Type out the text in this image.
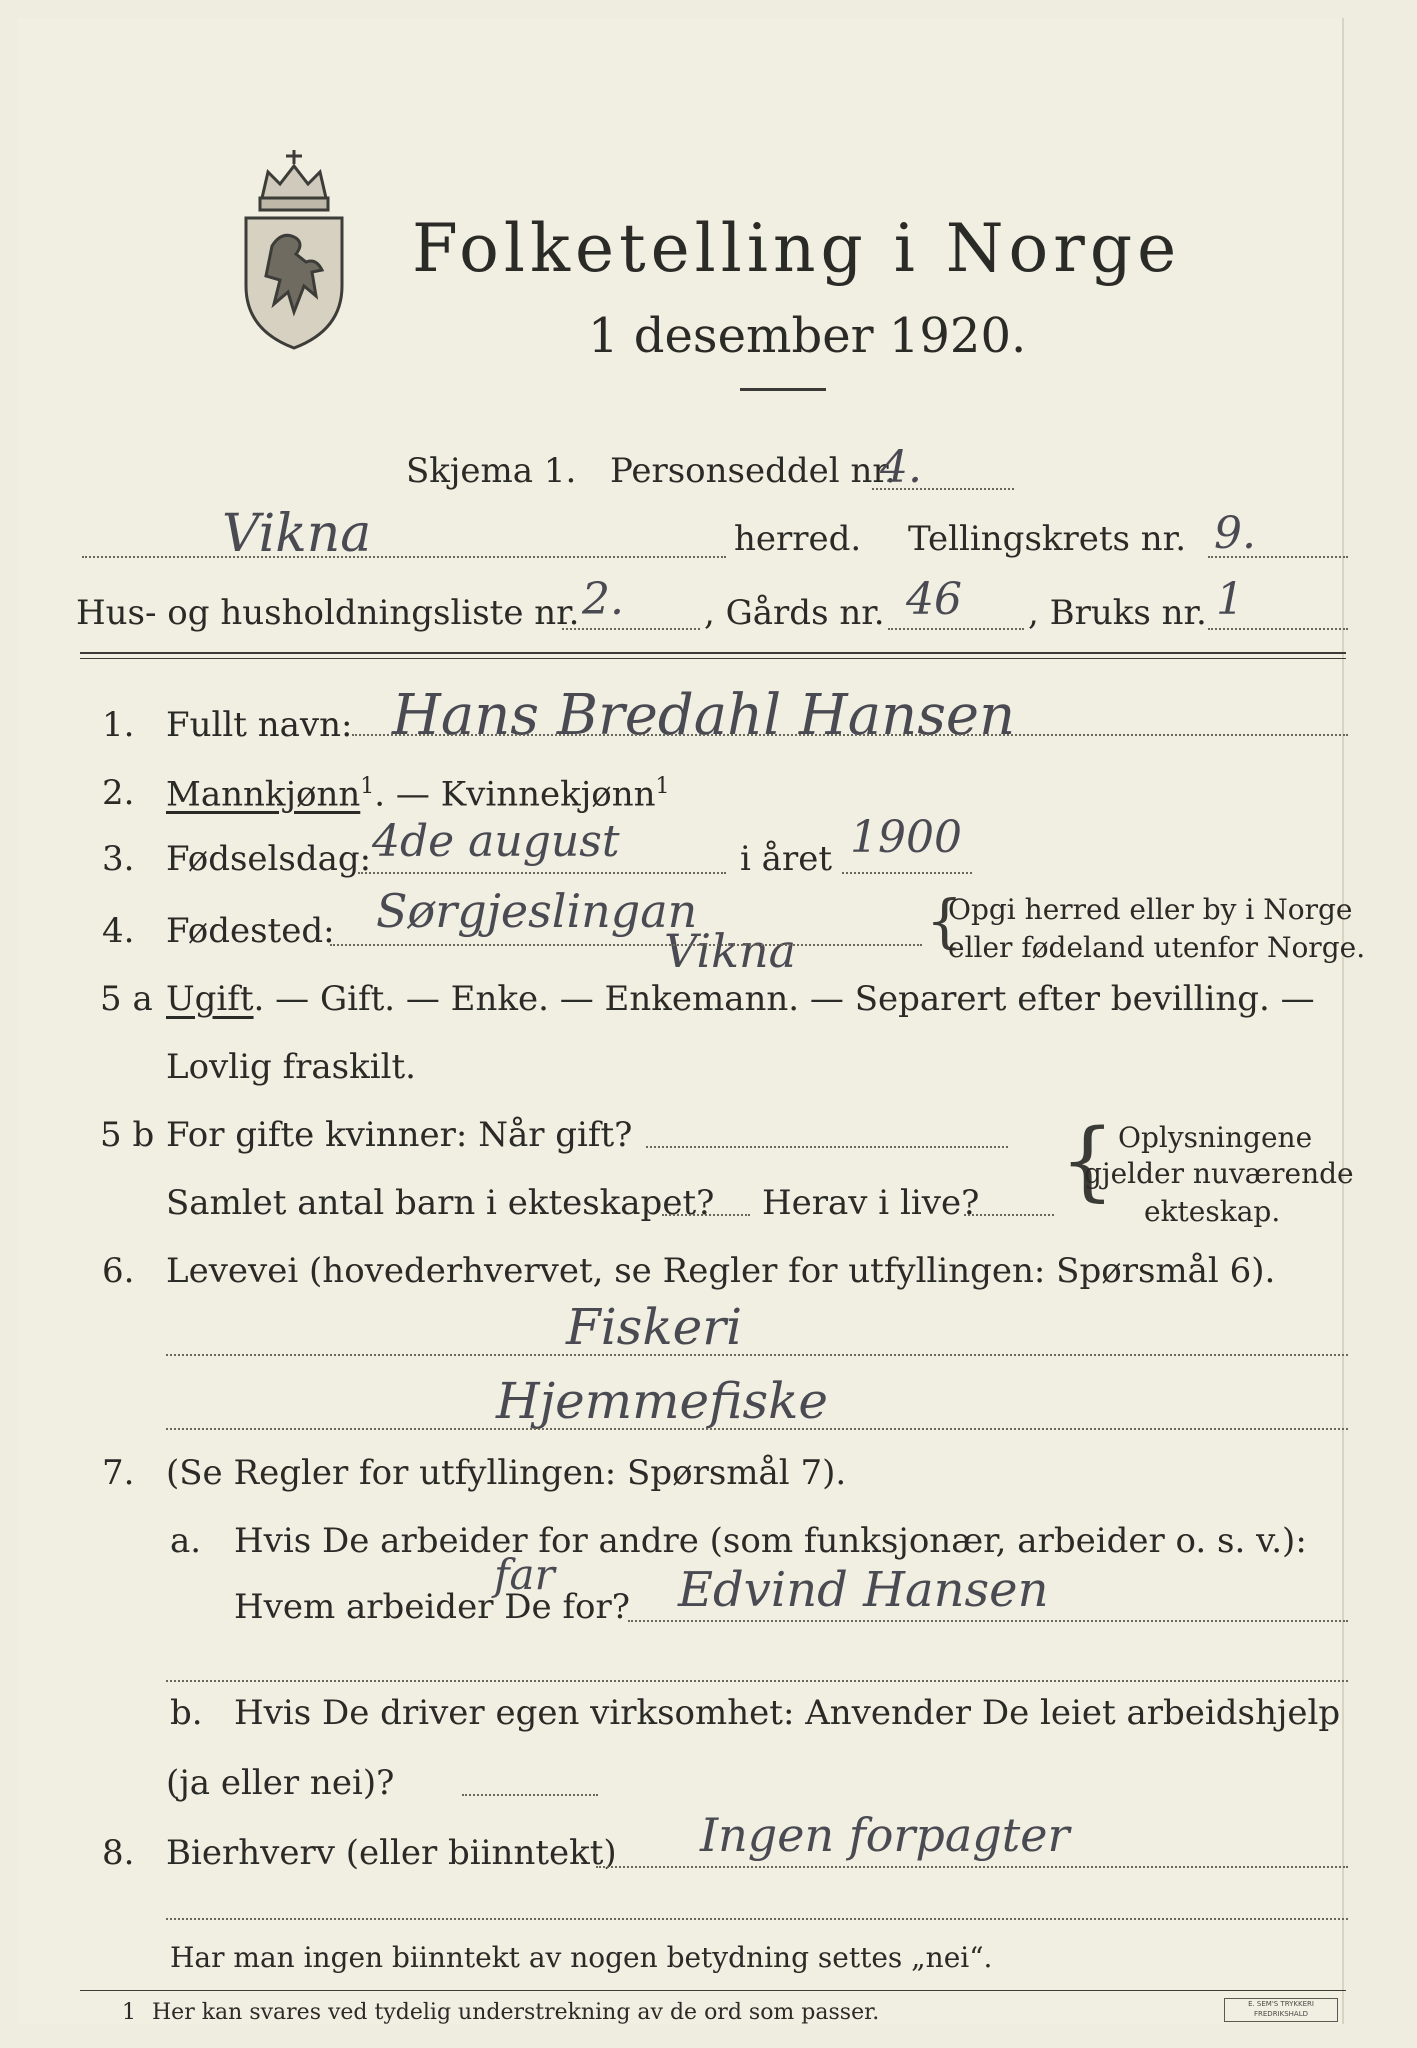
Folketelling i Norge
1 desember 1920.
Skjema 1. Personseddel nr.
4.
Vikna	herred. Tellingskrets nr. 9.
Hus- og husholdningsliste nr. 2. , Gårds nr. 46 , Bruks nr. 1
1. Fullt navn: Hans Bredahl Hansen
2. Mannkjønn$^1$. — Kvinnekjønn$^1$
3. Fødselsdag: 4de august	i året 1900
4. Fødested: Sørgjeslingan
Vikna {
Opgi herred eller by i Norge
eller fødeland utenfor Norge.
5 a Ugift. — Gift. — Enke. — Enkemann. — Separert efter bevilling. —
Lovlig fraskilt.
5 b For gifte kvinner: Når gift?
Samlet antal barn i ekteskapet? Herav i live? { Oplysningene
gjelder nuværende
ekteskap.
6. Levevei (hovederhvervet, se Regler for utfyllingen: Spørsmål 6).
Fiskeri
Hjemmefiske
7. (Se Regler for utfyllingen: Spørsmål 7).
a. Hvis De arbeider for andre (som funksjonær, arbeider o. s. v.):
Hvem arbeider De for?
far	Edvind Hansen
b. Hvis De driver egen virksomhet: Anvender De leiet arbeidshjelp
(ja eller nei)?
8. Bierhverv (eller biinntekt) Ingen forpagter
Har man ingen biinntekt av nogen betydning settes „nei“.
1 Her kan svares ved tydelig understrekning av de ord som passer.	E. SEM'S TRYKKERI FREDRIKSHALD
